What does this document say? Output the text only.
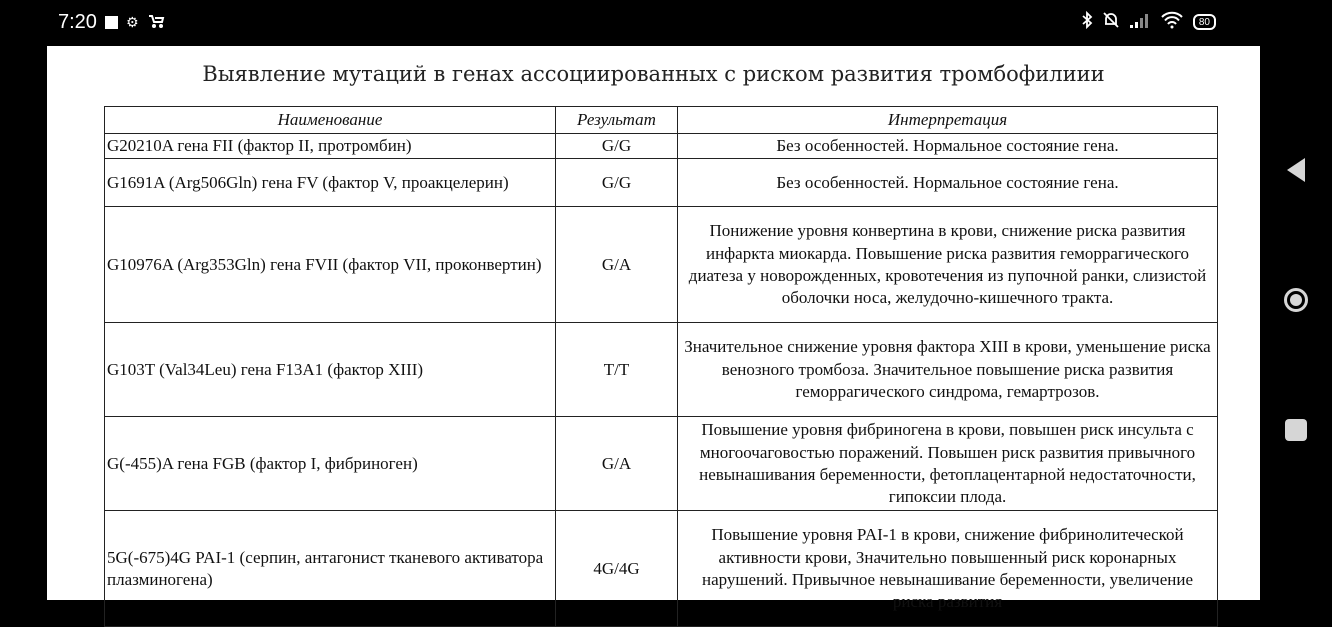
7:20 ⚙	80
Выявление мутаций в генах ассоциированных с риском развития тромбофилиии
Наименование	Результат	Интерпретация
G20210A гена FII (фактор II, протромбин)	G/G	Без особенностей. Нормальное состояние гена.
G1691A (Arg506Gln) гена FV (фактор V, проакцелерин)	G/G	Без особенностей. Нормальное состояние гена.
G10976A (Arg353Gln) гена FVII (фактор VII, проконвертин)	G/A	Понижение уровня конвертина в крови, снижение риска развития инфаркта миокарда. Повышение риска развития геморрагического диатеза у новорожденных, кровотечения из пупочной ранки, слизистой оболочки носа, желудочно-кишечного тракта.
G103T (Val34Leu) гена F13A1 (фактор XIII)	T/T	Значительное снижение уровня фактора XIII в крови, уменьшение риска венозного тромбоза. Значительное повышение риска развития геморрагического синдрома, гемартрозов.
G(-455)A гена FGB (фактор I, фибриноген)	G/A	Повышение уровня фибриногена в крови, повышен риск инсульта с многоочаговостью поражений. Повышен риск развития привычного невынашивания беременности, фетоплацентарной недостаточности, гипоксии плода.
5G(-675)4G PAI-1 (серпин, антагонист тканевого активатора плазминогена)	4G/4G	Повышение уровня PAI-1 в крови, снижение фибринолитечеcкой активности крови, Значительно повышенный риск коронарных нарушений. Привычное невынашивание беременности, увеличение риска развития
